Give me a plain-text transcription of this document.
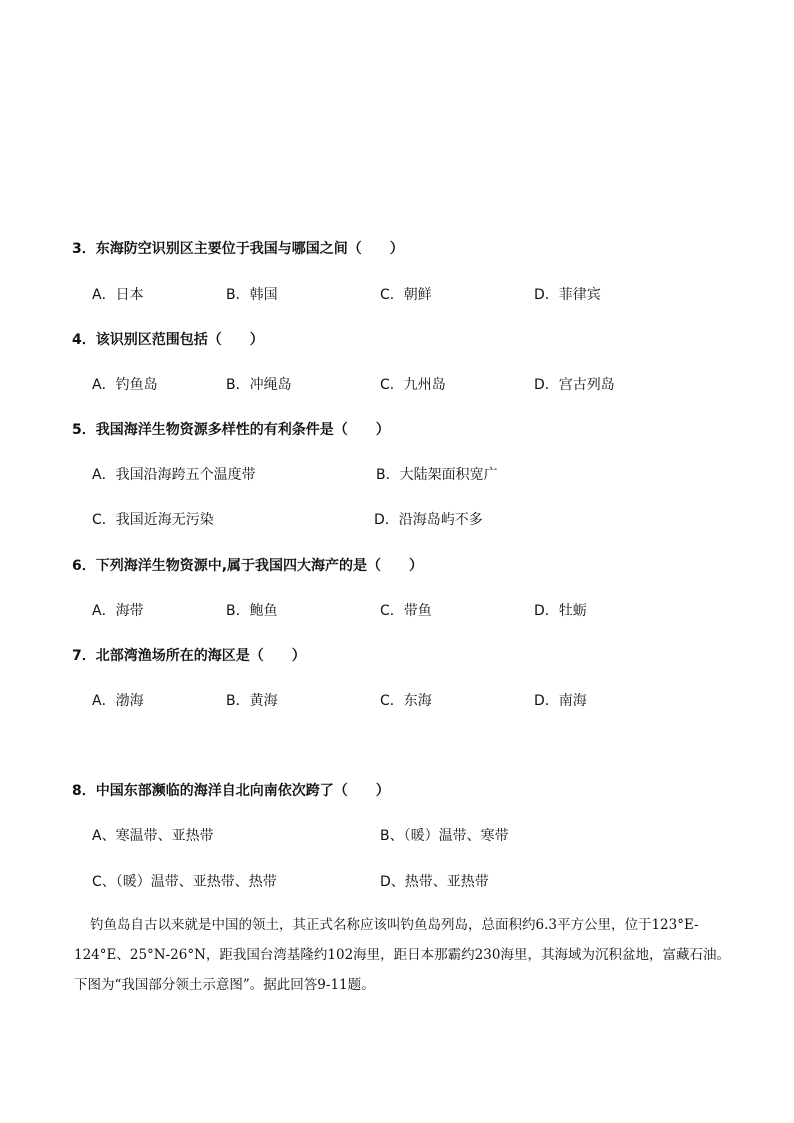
3．东海防空识别区主要位于我国与哪国之间（　　）
A．日本	B．韩国	C．朝鲜	D．菲律宾
4．该识别区范围包括（　　）
A．钓鱼岛	B．冲绳岛	C．九州岛	D．宫古列岛
5．我国海洋生物资源多样性的有利条件是（　　）
A．我国沿海跨五个温度带	B．大陆架面积宽广
C．我国近海无污染	D．沿海岛屿不多
6．下列海洋生物资源中,属于我国四大海产的是（　　）
A．海带	B．鲍鱼	C．带鱼	D．牡蛎
7．北部湾渔场所在的海区是（　　）
A．渤海	B．黄海	C．东海	D．南海
8．中国东部濒临的海洋自北向南依次跨了（　　）
A、寒温带、亚热带	B、（暖）温带、寒带
C、（暖）温带、亚热带、热带	D、热带、亚热带
钓鱼岛自古以来就是中国的领土，其正式名称应该叫钓鱼岛列岛，总面积约6.3平方公里，位于123°E-124°E、25°N-26°N，距我国台湾基隆约102海里，距日本那霸约230海里，其海域为沉积盆地，富藏石油。下图为“我国部分领土示意图”。据此回答9-11题。
